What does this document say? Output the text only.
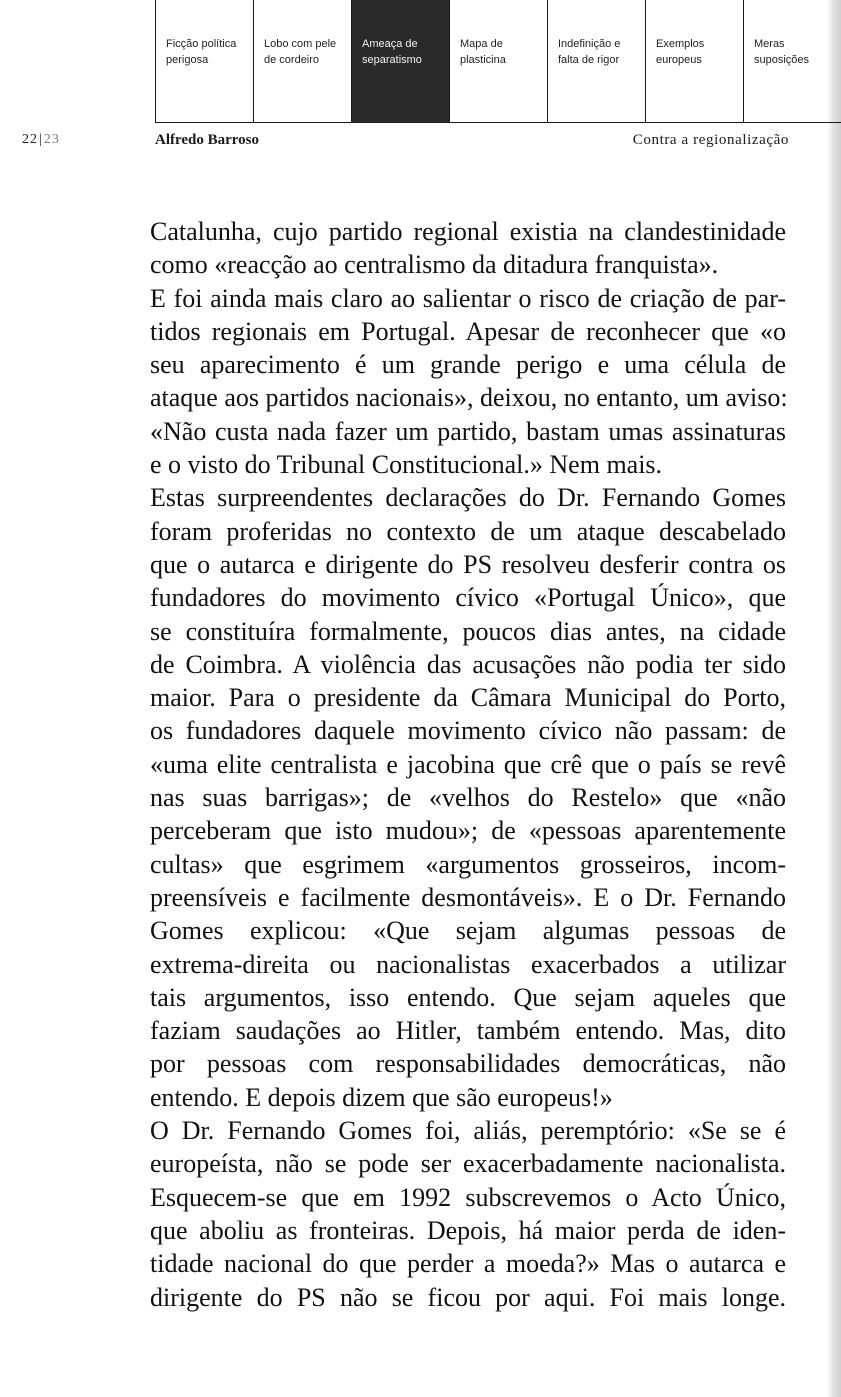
Ficção política
perigosa
Lobo com pele
de cordeiro
Ameaça de
separatismo
Mapa de
plasticina
Indefinição e
falta de rigor
Exemplos
europeus
Meras
suposições
22|23	Alfredo Barroso	Contra a regionalização
Catalunha, cujo partido regional existia na clandestinidade
como «reacção ao centralismo da ditadura franquista».
E foi ainda mais claro ao salientar o risco de criação de par-
tidos regionais em Portugal. Apesar de reconhecer que «o
seu aparecimento é um grande perigo e uma célula de
ataque aos partidos nacionais», deixou, no entanto, um aviso:
«Não custa nada fazer um partido, bastam umas assinaturas
e o visto do Tribunal Constitucional.» Nem mais.
Estas surpreendentes declarações do Dr. Fernando Gomes
foram proferidas no contexto de um ataque descabelado
que o autarca e dirigente do PS resolveu desferir contra os
fundadores do movimento cívico «Portugal Único», que
se constituíra formalmente, poucos dias antes, na cidade
de Coimbra. A violência das acusações não podia ter sido
maior. Para o presidente da Câmara Municipal do Porto,
os fundadores daquele movimento cívico não passam: de
«uma elite centralista e jacobina que crê que o país se revê
nas suas barrigas»; de «velhos do Restelo» que «não
perceberam que isto mudou»; de «pessoas aparentemente
cultas» que esgrimem «argumentos grosseiros, incom-
preensíveis e facilmente desmontáveis». E o Dr. Fernando
Gomes explicou: «Que sejam algumas pessoas de
extrema-direita ou nacionalistas exacerbados a utilizar
tais argumentos, isso entendo. Que sejam aqueles que
faziam saudações ao Hitler, também entendo. Mas, dito
por pessoas com responsabilidades democráticas, não
entendo. E depois dizem que são europeus!»
O Dr. Fernando Gomes foi, aliás, peremptório: «Se se é
europeísta, não se pode ser exacerbadamente nacionalista.
Esquecem-se que em 1992 subscrevemos o Acto Único,
que aboliu as fronteiras. Depois, há maior perda de iden-
tidade nacional do que perder a moeda?» Mas o autarca e
dirigente do PS não se ficou por aqui. Foi mais longe.
